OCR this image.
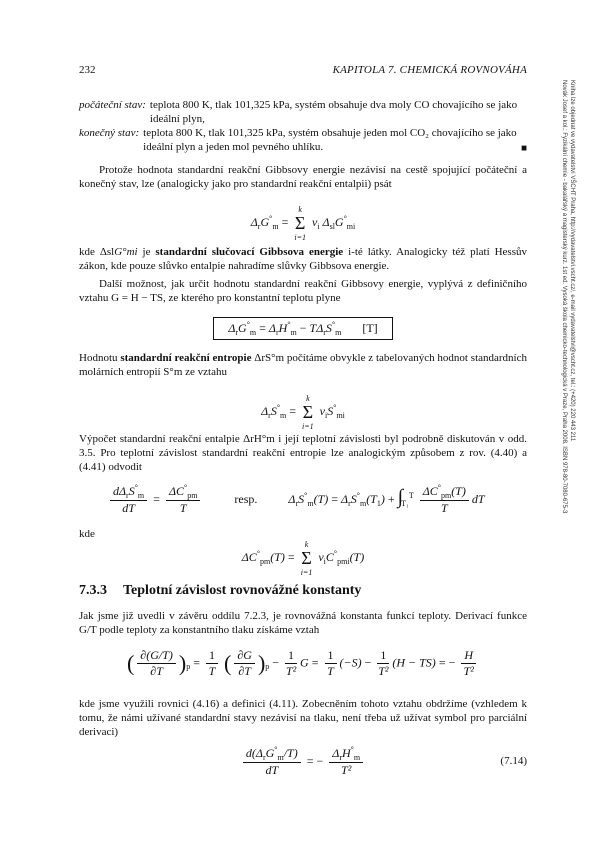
232	KAPITOLA 7. CHEMICKÁ ROVNOVÁHA
Novák Josef a kol.: Fyzikální chemie - bakalářský a magisterský kurz. 1st ed. Vysoká škola chemicko-technologická v Praze, Praha 2008. ISBN 978-80-7080-675-3 Kniha lze objednat ve vydavatelství VŠCHT Praha, http://vydavatelstvi.vscht.cz/, e-mail vydavatelstvi@vscht.cz, tel.: (+420) 220 443 211
počáteční stav: teplota 800 K, tlak 101,325 kPa, systém obsahuje dva moly CO chovajícího se jako ideální plyn,
konečný stav: teplota 800 K, tlak 101,325 kPa, systém obsahuje jeden mol CO₂ chovajícího se jako ideální plyn a jeden mol pevného uhlíku.	■
Protože hodnota standardní reakční Gibbsovy energie nezávisí na cestě spojující počáteční a konečný stav, lze (analogicky jako pro standardní reakční entalpii) psát
$\Delta_rG^\circ_m = k$
Σ
i=1 $\nu_i$ $\Delta_{sl}G^\circ_{mi}$
kde ΔslG°mi je standardní slučovací Gibbsova energie i-té látky. Analogicky též platí Hessův zákon, kde pouze slůvko entalpie nahradíme slůvky Gibbsova energie.
Další možnost, jak určit hodnotu standardní reakční Gibbsovy energie, vyplývá z definičního vztahu G = H − TS, ze kterého pro konstantní teplotu plyne
$\Delta_rG^\circ_m = \Delta_rH^\circ_m - T\Delta_rS^\circ_m$ [T]
Hodnotu standardní reakční entropie ΔrS°m počítáme obvykle z tabelovaných hodnot standardních molárních entropií S°m ze vztahu
$\Delta_rS^\circ_m = k$
Σ
i=1 $\nu_iS^\circ_{mi}$
Výpočet standardní reakční entalpie ΔrH°m i její teplotní závislosti byl podrobně diskutován v odd. 3.5. Pro teplotní závislost standardní reakční entropie lze analogickým způsobem z rov. (4.40) a (4.41) odvodit
$\frac{d\Delta_rS^\circ_m}{dT} = \frac{\Delta C^\circ_{pm}}{T}$	resp. $\Delta_rS^\circ_m(T) = \Delta_rS^\circ_m(T_1) + \int_{T_1}^T \frac{\Delta C^\circ_{pm}(T)}{T}$ dT
kde
$\Delta C^\circ_{pm}(T) = k$
Σ
i=1 $\nu_iC^\circ_{pmi}(T)$
7.3.3 Teplotní závislost rovnovážné konstanty
Jak jsme již uvedli v závěru oddílu 7.2.3, je rovnovážná konstanta funkcí teploty. Derivací funkce G/T podle teploty za konstantního tlaku získáme vztah
( $\frac{\partial(G/T)}{\partial T} )_p = \frac{1}{T}$ ( $\frac{\partial G}{\partial T} )_p - \frac{1}{\text{T²}}$ $G = \frac{1}{T} (-S) - \frac{1}{\text{T²}} (H - TS)$ = − $\frac{H}{\text{T²}}$
kde jsme využili rovnici (4.16) a definici (4.11). Zobecněním tohoto vztahu obdržíme (vzhledem k tomu, že námi užívané standardní stavy nezávisí na tlaku, není třeba už užívat symbol pro parciální derivaci)
$\frac{d(\Delta_rG^\circ_m/T)}{dT}$ = − $\frac{\Delta_rH^\circ_m}{\text{T²}}$	(7.14)
